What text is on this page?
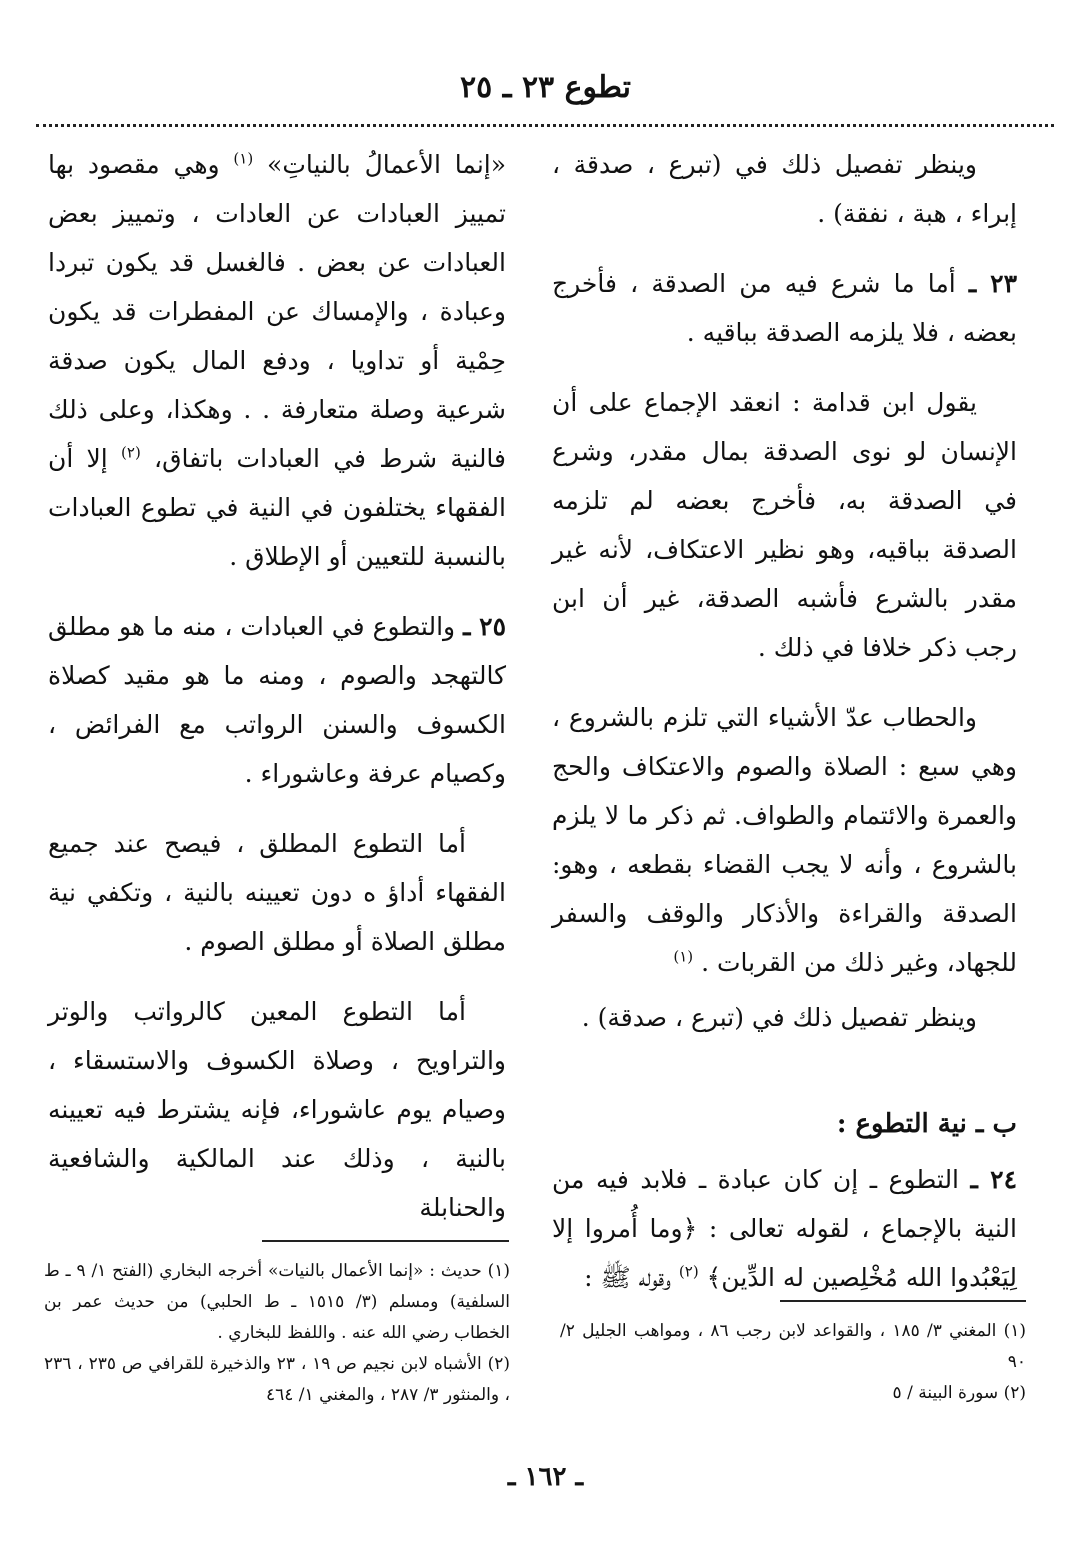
تطوع ٢٣ ـ ٢٥

وينظر تفصيل ذلك في (تبرع ، صدقة ، إبراء ، هبة ، نفقة) .

٢٣ ـ أما ما شرع فيه من الصدقة ، فأخرج بعضه ، فلا يلزمه الصدقة بباقيه .

يقول ابن قدامة : انعقد الإجماع على أن الإنسان لو نوى الصدقة بمال مقدر، وشرع في الصدقة به، فأخرج بعضه لم تلزمه الصدقة بباقيه، وهو نظير الاعتكاف، لأنه غير مقدر بالشرع فأشبه الصدقة، غير أن ابن رجب ذكر خلافا في ذلك .

والحطاب عدّ الأشياء التي تلزم بالشروع ، وهي سبع : الصلاة والصوم والاعتكاف والحج والعمرة والائتمام والطواف. ثم ذكر ما لا يلزم بالشروع ، وأنه لا يجب القضاء بقطعه ، وهو: الصدقة والقراءة والأذكار والوقف والسفر للجهاد، وغير ذلك من القربات . $^{(١)}$

وينظر تفصيل ذلك في (تبرع ، صدقة) .

ب ـ نية التطوع :

٢٤ ـ التطوع ـ إن كان عبادة ـ فلابد فيه من النية بالإجماع ، لقوله تعالى : ﴿وما أُمروا إلا لِيَعْبُدوا الله مُخْلِصين له الدِّين﴾ $^{(٢)}$ وقوله ﷺ :

«إنما الأعمالُ بالنياتِ» $^{(١)}$ وهي مقصود بها تمييز العبادات عن العادات ، وتمييز بعض العبادات عن بعض . فالغسل قد يكون تبردا وعبادة ، والإمساك عن المفطرات قد يكون حِمْية أو تداويا ، ودفع المال يكون صدقة شرعية وصلة متعارفة . . وهكذا، وعلى ذلك فالنية شرط في العبادات باتفاق، $^{(٢)}$ إلا أن الفقهاء يختلفون في النية في تطوع العبادات بالنسبة للتعيين أو الإطلاق .

٢٥ ـ والتطوع في العبادات ، منه ما هو مطلق كالتهجد والصوم ، ومنه ما هو مقيد كصلاة الكسوف والسنن الرواتب مع الفرائض ، وكصيام عرفة وعاشوراء .

أما التطوع المطلق ، فيصح عند جميع الفقهاء أداؤ ه دون تعيينه بالنية ، وتكفي نية مطلق الصلاة أو مطلق الصوم .

أما التطوع المعين كالرواتب والوتر والتراويح ، وصلاة الكسوف والاستسقاء ، وصيام يوم عاشوراء، فإنه يشترط فيه تعيينه بالنية ، وذلك عند المالكية والشافعية والحنابلة

(١) المغني ٣/ ١٨٥ ، والقواعد لابن رجب ٨٦ ، ومواهب الجليل ٢/ ٩٠
(٢) سورة البينة / ٥
(١) حديث : «إنما الأعمال بالنيات» أخرجه البخاري (الفتح ١/ ٩ ـ ط السلفية) ومسلم (٣/ ١٥١٥ ـ ط الحلبي) من حديث عمر بن الخطاب رضي الله عنه . واللفظ للبخاري .
(٢) الأشباه لابن نجيم ص ١٩ ، ٢٣ والذخيرة للقرافي ص ٢٣٥ ، ٢٣٦ ، والمنثور ٣/ ٢٨٧ ، والمغني ١/ ٤٦٤
ـ ١٦٢ ـ
